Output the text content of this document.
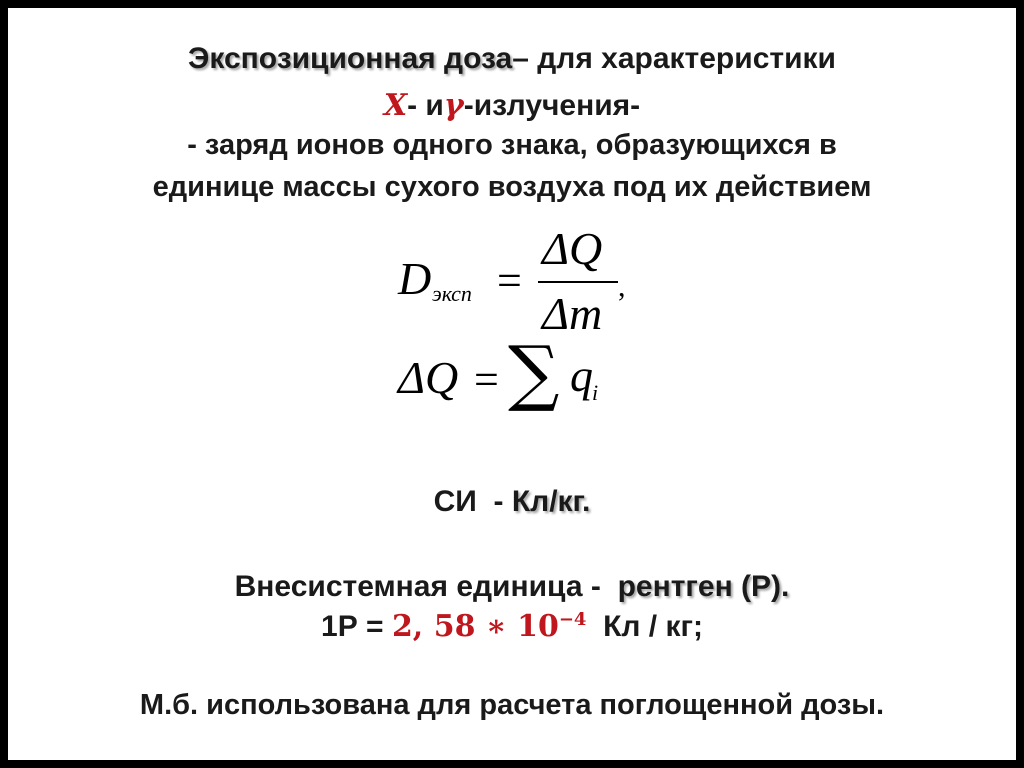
Экспозиционная доза– для характеристики
X- иγ-излучения-
- заряд ионов одного знака, образующихся в
единице массы сухого воздуха под их действием
D эксп =
ΔQ
Δm
,
ΔQ = ∑ q i
СИ - Кл/кг.
Внесистемная единица - рентген (Р).
1Р = 2, 58 ∗ $10^{-4}$ Кл / кг;
М.б. использована для расчета поглощенной дозы.
